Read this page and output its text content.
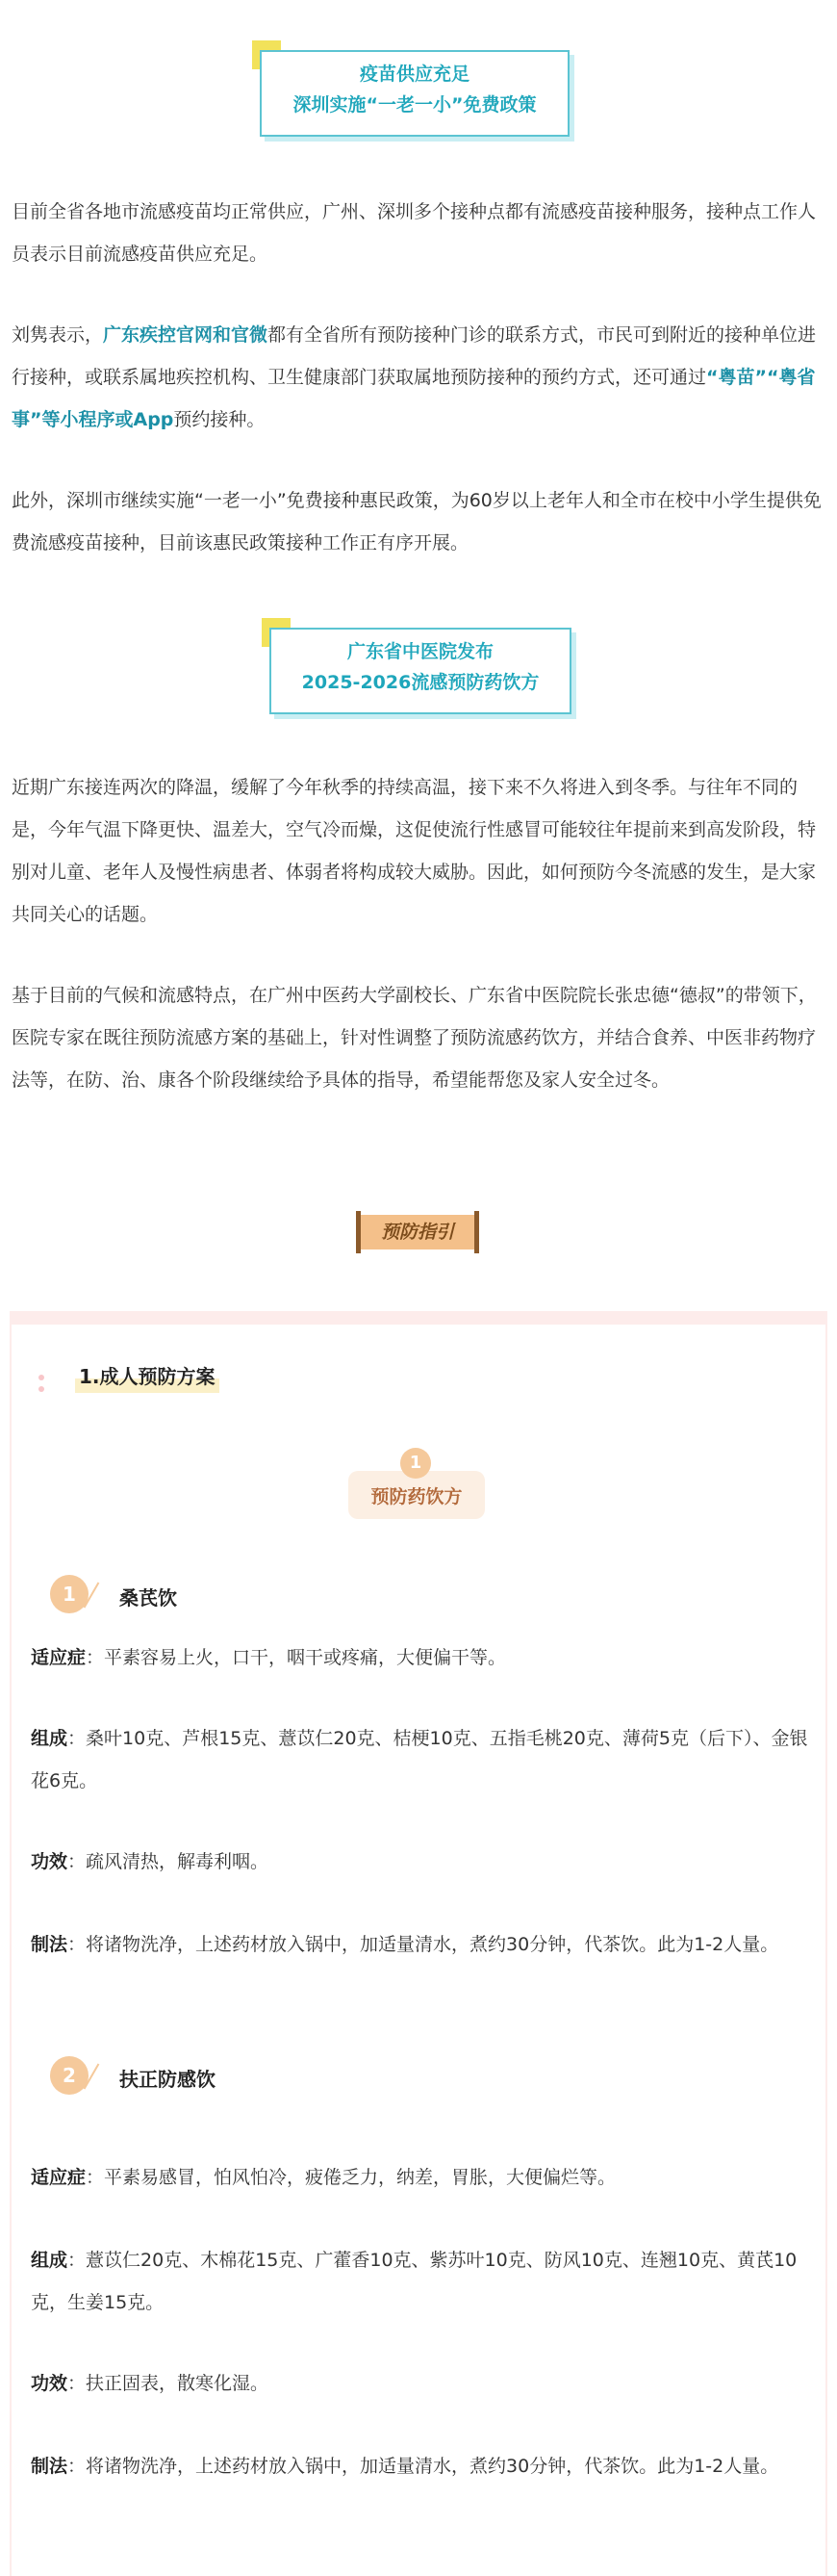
疫苗供应充足
深圳实施“一老一小”免费政策

目前全省各地市流感疫苗均正常供应，广州、深圳多个接种点都有流感疫苗接种服务，接种点工作人员表示目前流感疫苗供应充足。

刘隽表示，广东疾控官网和官微都有全省所有预防接种门诊的联系方式，市民可到附近的接种单位进行接种，或联系属地疾控机构、卫生健康部门获取属地预防接种的预约方式，还可通过“粤苗”“粤省事”等小程序或App预约接种。

此外，深圳市继续实施“一老一小”免费接种惠民政策，为60岁以上老年人和全市在校中小学生提供免费流感疫苗接种，目前该惠民政策接种工作正有序开展。

广东省中医院发布
2025-2026流感预防药饮方

近期广东接连两次的降温，缓解了今年秋季的持续高温，接下来不久将进入到冬季。与往年不同的是，今年气温下降更快、温差大，空气冷而燥，这促使流行性感冒可能较往年提前来到高发阶段，特别对儿童、老年人及慢性病患者、体弱者将构成较大威胁。因此，如何预防今冬流感的发生，是大家共同关心的话题。

基于目前的气候和流感特点，在广州中医药大学副校长、广东省中医院院长张忠德“德叔”的带领下，医院专家在既往预防流感方案的基础上，针对性调整了预防流感药饮方，并结合食养、中医非药物疗法等，在防、治、康各个阶段继续给予具体的指导，希望能帮您及家人安全过冬。

预防指引
1.成人预防方案
预防药饮方
1
1	桑芪饮

适应症：平素容易上火，口干，咽干或疼痛，大便偏干等。

组成：桑叶10克、芦根15克、薏苡仁20克、桔梗10克、五指毛桃20克、薄荷5克（后下）、金银花6克。

功效：疏风清热，解毒利咽。

制法：将诸物洗净，上述药材放入锅中，加适量清水，煮约30分钟，代茶饮。此为1-2人量。

2	扶正防感饮

适应症：平素易感冒，怕风怕冷，疲倦乏力，纳差，胃胀，大便偏烂等。

组成：薏苡仁20克、木棉花15克、广藿香10克、紫苏叶10克、防风10克、连翘10克、黄芪10克，生姜15克。

功效：扶正固表，散寒化湿。

制法：将诸物洗净，上述药材放入锅中，加适量清水，煮约30分钟，代茶饮。此为1-2人量。
